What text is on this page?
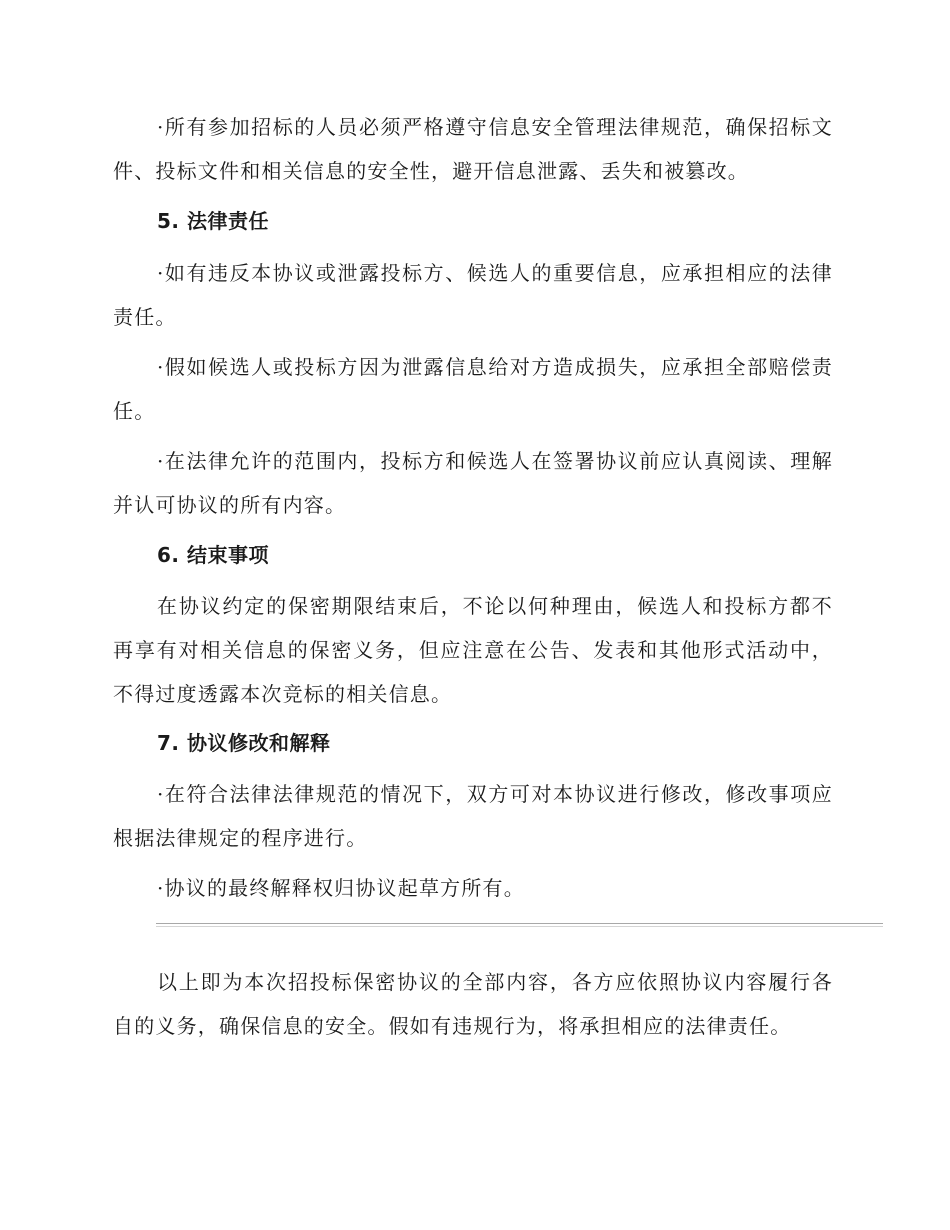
·所有参加招标的人员必须严格遵守信息安全管理法律规范，确保招标文件、投标文件和相关信息的安全性，避开信息泄露、丢失和被篡改。

5. 法律责任

·如有违反本协议或泄露投标方、候选人的重要信息，应承担相应的法律责任。

·假如候选人或投标方因为泄露信息给对方造成损失，应承担全部赔偿责任。

·在法律允许的范围内，投标方和候选人在签署协议前应认真阅读、理解并认可协议的所有内容。

6. 结束事项

在协议约定的保密期限结束后，不论以何种理由，候选人和投标方都不再享有对相关信息的保密义务，但应注意在公告、发表和其他形式活动中，不得过度透露本次竞标的相关信息。

7. 协议修改和解释

·在符合法律法律规范的情况下，双方可对本协议进行修改，修改事项应根据法律规定的程序进行。

·协议的最终解释权归协议起草方所有。

以上即为本次招投标保密协议的全部内容，各方应依照协议内容履行各自的义务，确保信息的安全。假如有违规行为，将承担相应的法律责任。
